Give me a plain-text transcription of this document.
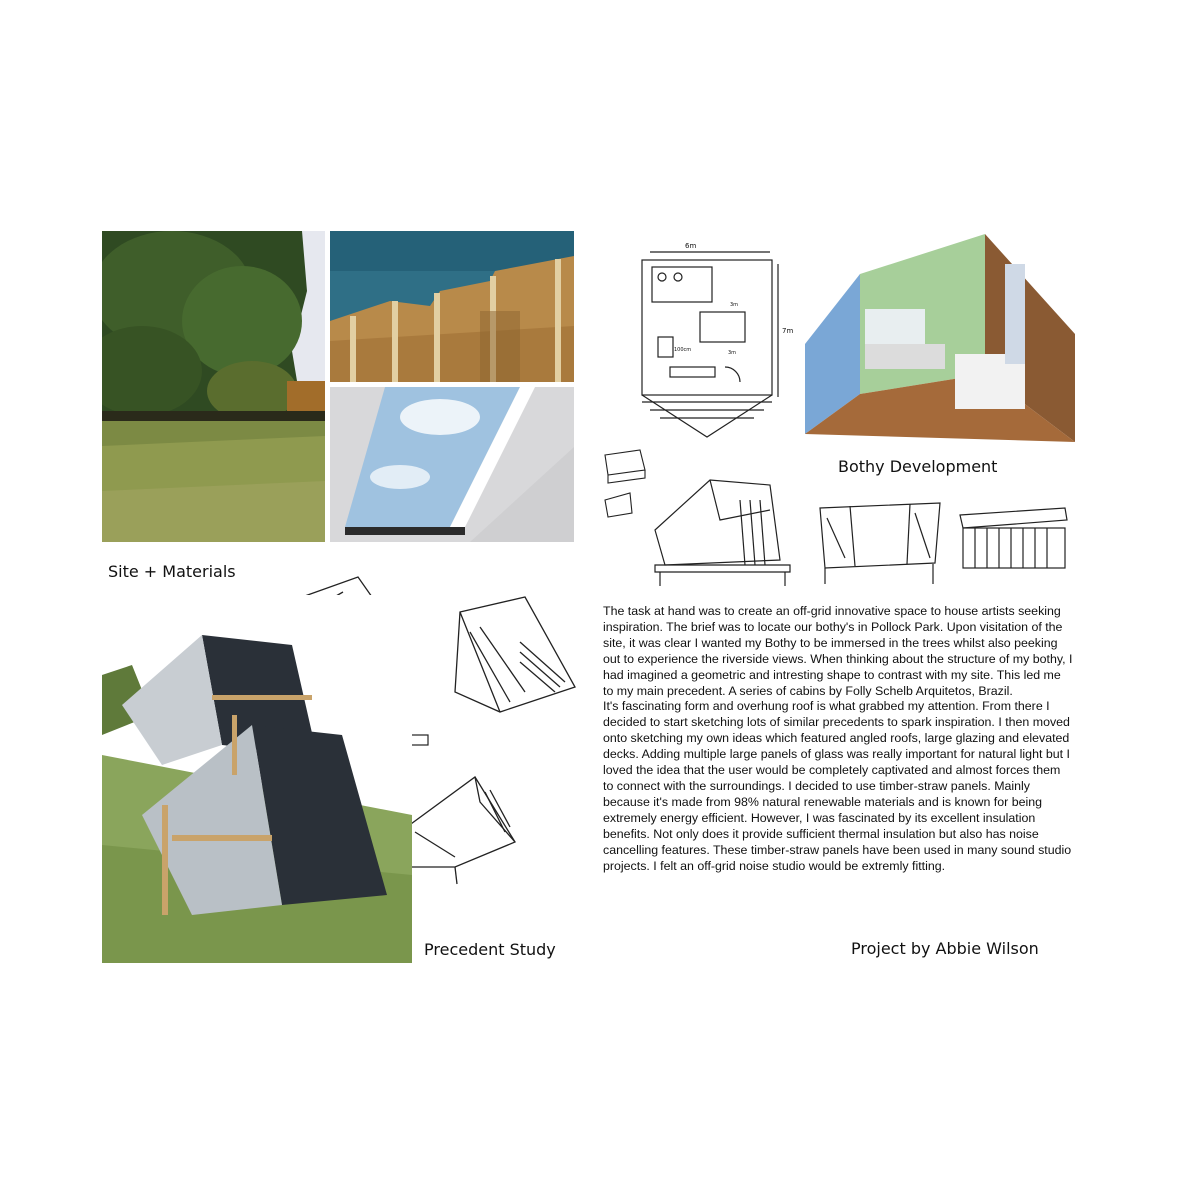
Site + Materials
6m
7m
100cm	3m
3m
Bothy Development
Precedent Study

The task at hand was to create an off-grid innovative space to house artists seeking inspiration. The brief was to locate our bothy's in Pollock Park. Upon visitation of the site, it was clear I wanted my Bothy to be immersed in the trees whilst also peeking out to experience the riverside views. When thinking about the structure of my bothy, I had imagined a geometric and intresting shape to contrast with my site. This led me to my main precedent. A series of cabins by Folly Schelb Arquitetos, Brazil.

It's fascinating form and overhung roof is what grabbed my attention. From there I decided to start sketching lots of similar precedents to spark inspiration. I then moved onto sketching my own ideas which featured angled roofs, large glazing and elevated decks. Adding multiple large panels of glass was really important for natural light but I loved the idea that the user would be completely captivated and almost forces them to connect with the surroundings. I decided to use timber-straw panels. Mainly because it's made from 98% natural renewable materials and is known for being extremely energy efficient. However, I was fascinated by its excellent insulation benefits. Not only does it provide sufficient thermal insulation but also has noise cancelling features. These timber-straw panels have been used in many sound studio projects. I felt an off-grid noise studio would be extremly fitting.

Project by Abbie Wilson
